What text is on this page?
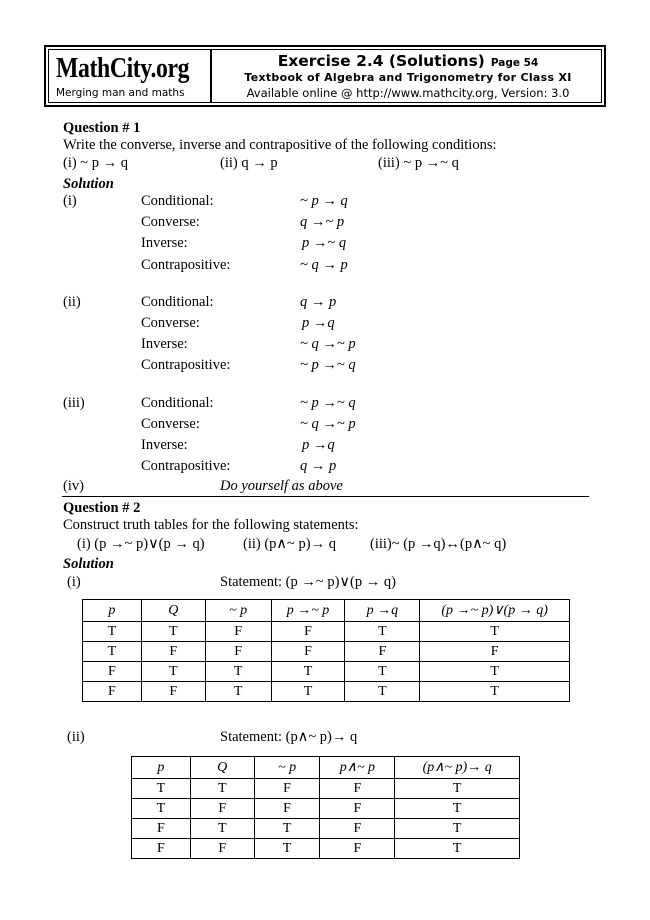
MathCity.org
Merging man and maths
Exercise 2.4 (Solutions) Page 54
Textbook of Algebra and Trigonometry for Class XI
Available online @ http://www.mathcity.org, Version: 3.0
Question # 1
Write the converse, inverse and contrapositive of the following conditions:
(i) ~ p → q	(ii) q → p	(iii) ~ p →~ q
Solution
(i)	Conditional:	~ p → q
Converse:	q →~ p
Inverse:	p →~ q
Contrapositive:	~ q → p
(ii)	Conditional:	q → p
Converse:	p →q
Inverse:	~ q →~ p
Contrapositive:	~ p →~ q
(iii)	Conditional:	~ p →~ q
Converse:	~ q →~ p
Inverse:	p →q
Contrapositive:	q → p
(iv)	Do yourself as above
Question # 2
Construct truth tables for the following statements:
(i) (p →~ p)∨(p → q)	(ii) (p∧~ p)→ q (iii)~ (p →q)↔(p∧~ q)
Solution
(i)	Statement: (p →~ p)∨(p → q)
p	Q	~ p	p →~ p	p →q	(p →~ p)∨(p → q)
T	T	F	F	T	T
T	F	F	F	F	F
F	T	T	T	T	T
F	F	T	T	T	T
(ii)	Statement: (p∧~ p)→ q
p	Q	~ p	p∧~ p	(p∧~ p)→ q
T	T	F	F	T
T	F	F	F	T
F	T	T	F	T
F	F	T	F	T
